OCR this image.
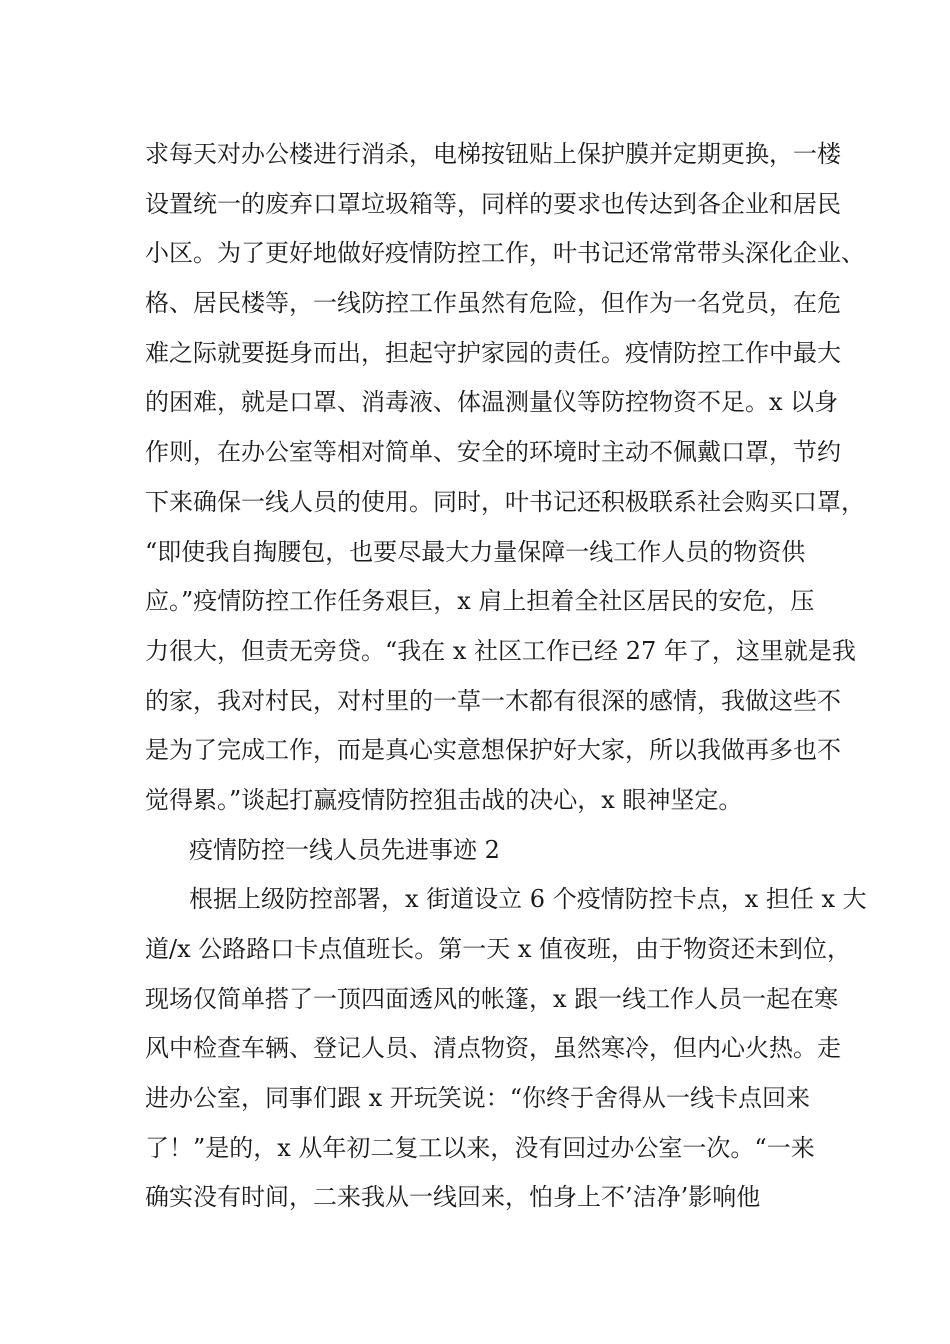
求每天对办公楼进行消杀，电梯按钮贴上保护膜并定期更换，一楼
设置统一的废弃口罩垃圾箱等，同样的要求也传达到各企业和居民
小区。为了更好地做好疫情防控工作，叶书记还常常带头深化企业、
格、居民楼等，一线防控工作虽然有危险，但作为一名党员，在危
难之际就要挺身而出，担起守护家园的责任。疫情防控工作中最大
的困难，就是口罩、消毒液、体温测量仪等防控物资不足。x 以身
作则，在办公室等相对简单、安全的环境时主动不佩戴口罩，节约
下来确保一线人员的使用。同时，叶书记还积极联系社会购买口罩，
“即使我自掏腰包，也要尽最大力量保障一线工作人员的物资供
应。”疫情防控工作任务艰巨，x 肩上担着全社区居民的安危，压
力很大，但责无旁贷。“我在 x 社区工作已经 27 年了，这里就是我
的家，我对村民，对村里的一草一木都有很深的感情，我做这些不
是为了完成工作，而是真心实意想保护好大家，所以我做再多也不
觉得累。”谈起打赢疫情防控狙击战的决心，x 眼神坚定。
疫情防控一线人员先进事迹 2
根据上级防控部署，x 街道设立 6 个疫情防控卡点，x 担任 x 大
道/x 公路路口卡点值班长。第一天 x 值夜班，由于物资还未到位，
现场仅简单搭了一顶四面透风的帐篷，x 跟一线工作人员一起在寒
风中检查车辆、登记人员、清点物资，虽然寒冷，但内心火热。走
进办公室，同事们跟 x 开玩笑说：“你终于舍得从一线卡点回来
了！”是的，x 从年初二复工以来，没有回过办公室一次。“一来
确实没有时间，二来我从一线回来，怕身上不’洁净’影响他
